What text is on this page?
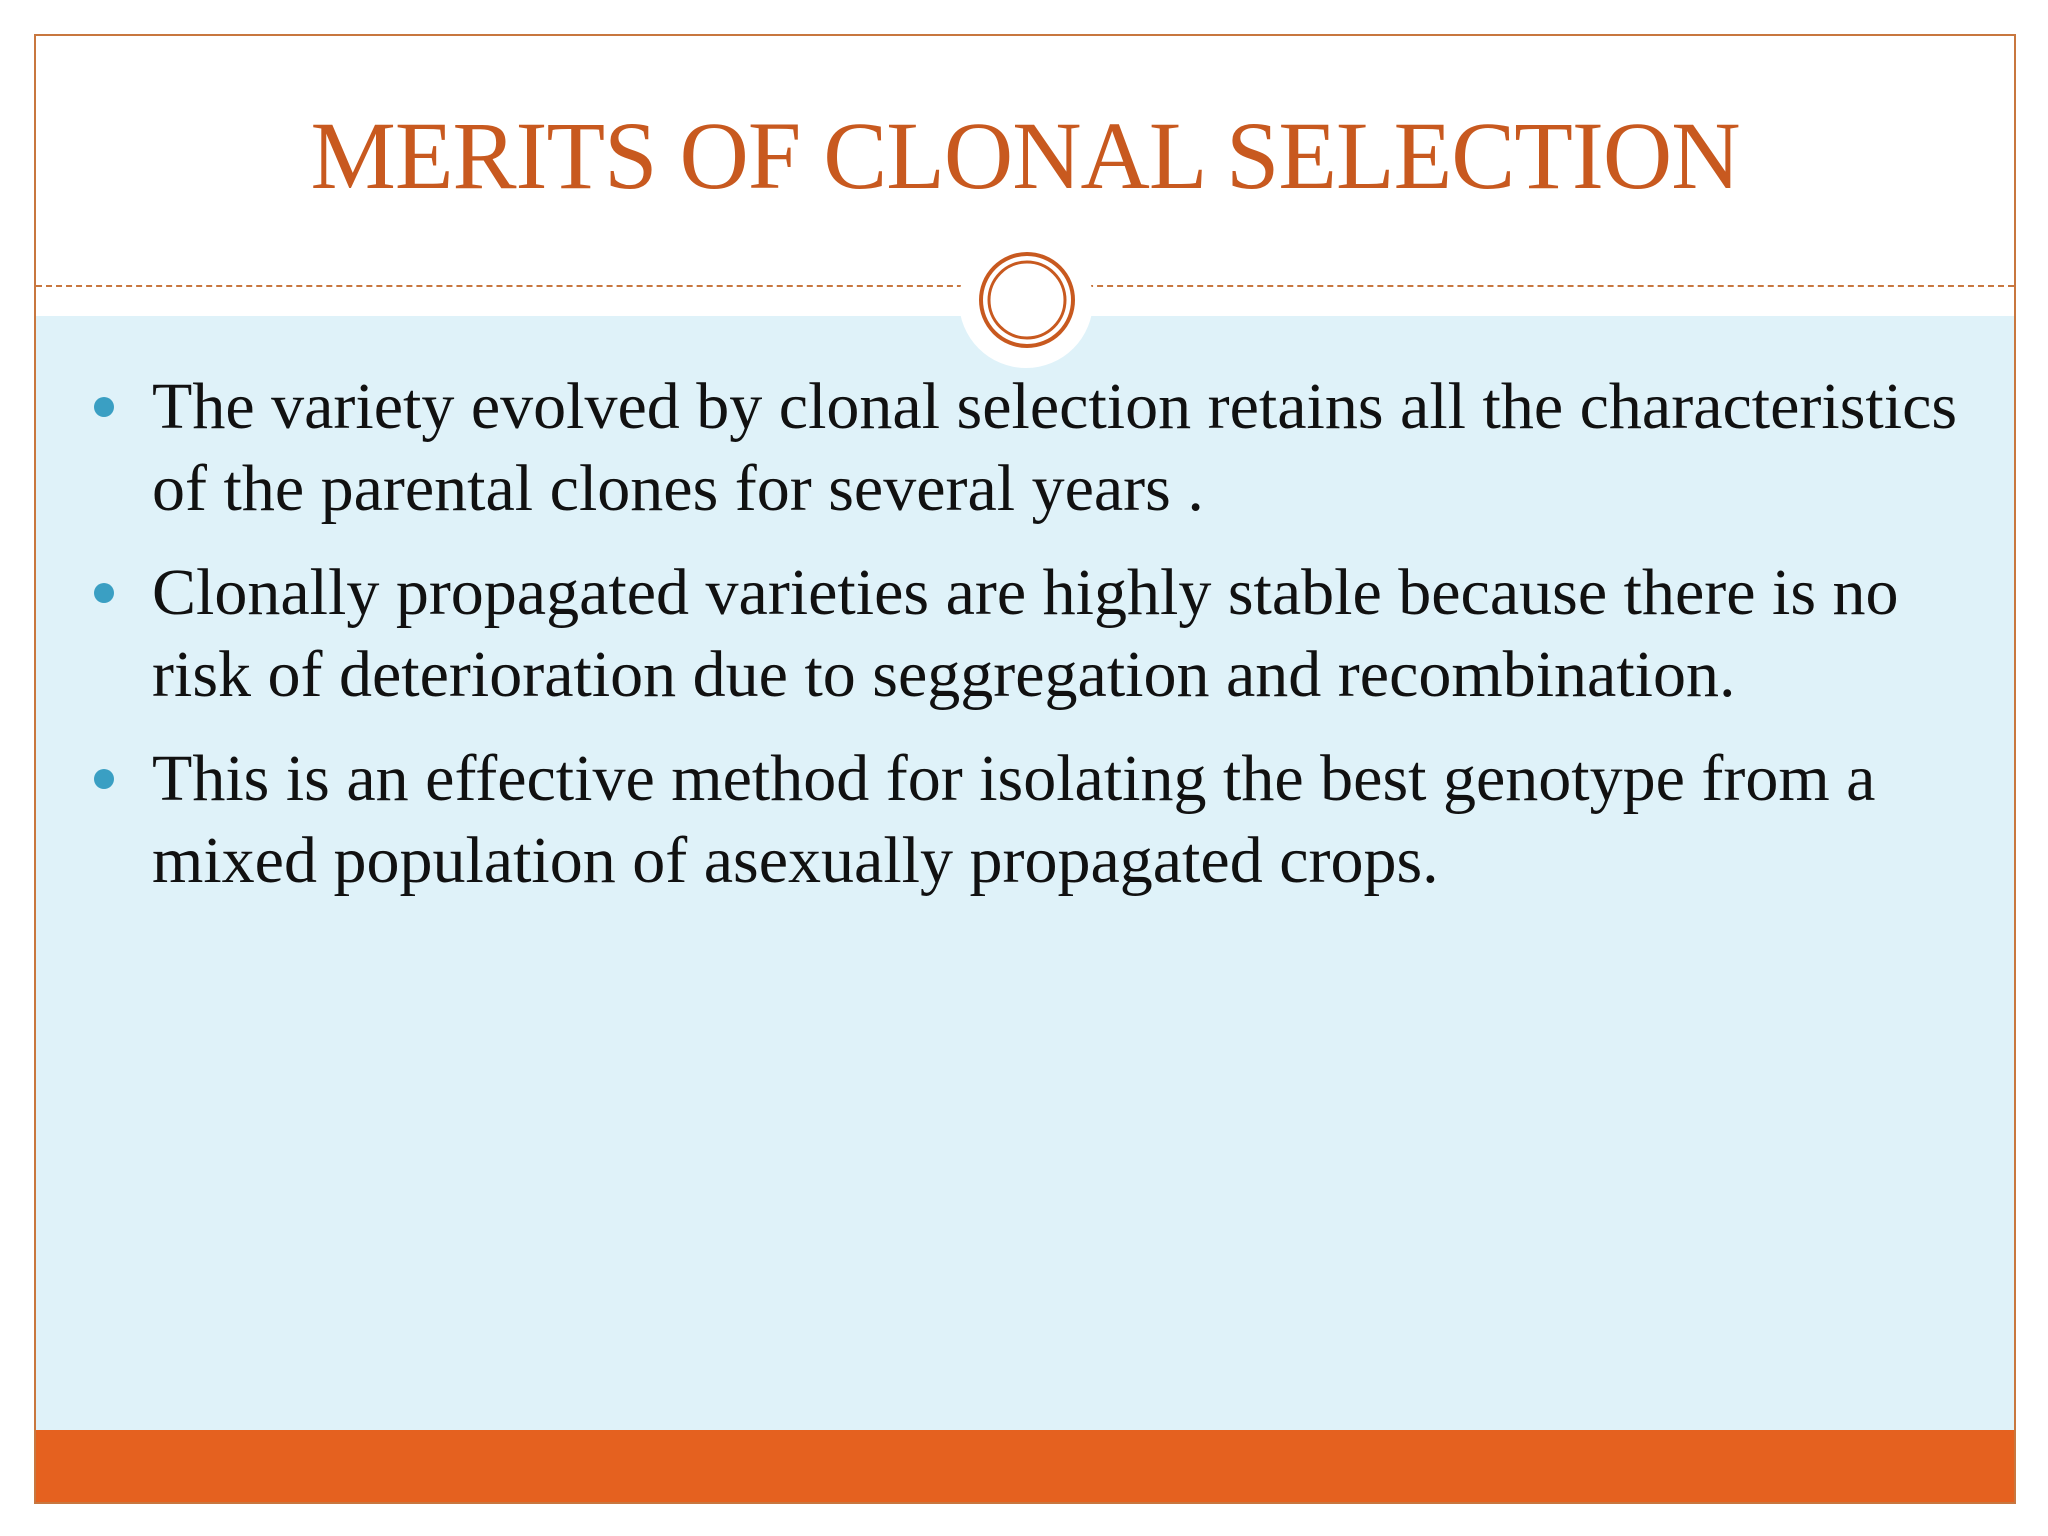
MERITS OF CLONAL SELECTION
The variety evolved by clonal selection retains all the characteristics of the parental clones for several years .
Clonally propagated varieties are highly stable because there is no risk of deterioration due to seggregation and recombination.
This is an effective method for isolating the best genotype from a mixed population of asexually propagated crops.
